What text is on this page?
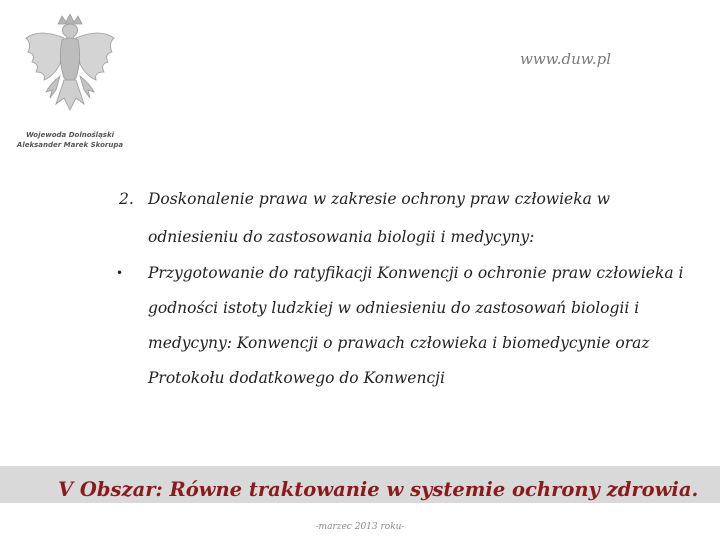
Wojewoda Dolnośląski
Aleksander Marek Skorupa
www.duw.pl
2. Doskonalenie prawa w zakresie ochrony praw człowieka w
odniesieniu do zastosowania biologii i medycyny:
• Przygotowanie do ratyfikacji Konwencji o ochronie praw człowieka i
godności istoty ludzkiej w odniesieniu do zastosowań biologii i
medycyny: Konwencji o prawach człowieka i biomedycynie oraz
Protokołu dodatkowego do Konwencji
V Obszar: Równe traktowanie w systemie ochrony zdrowia.
-marzec 2013 roku-
